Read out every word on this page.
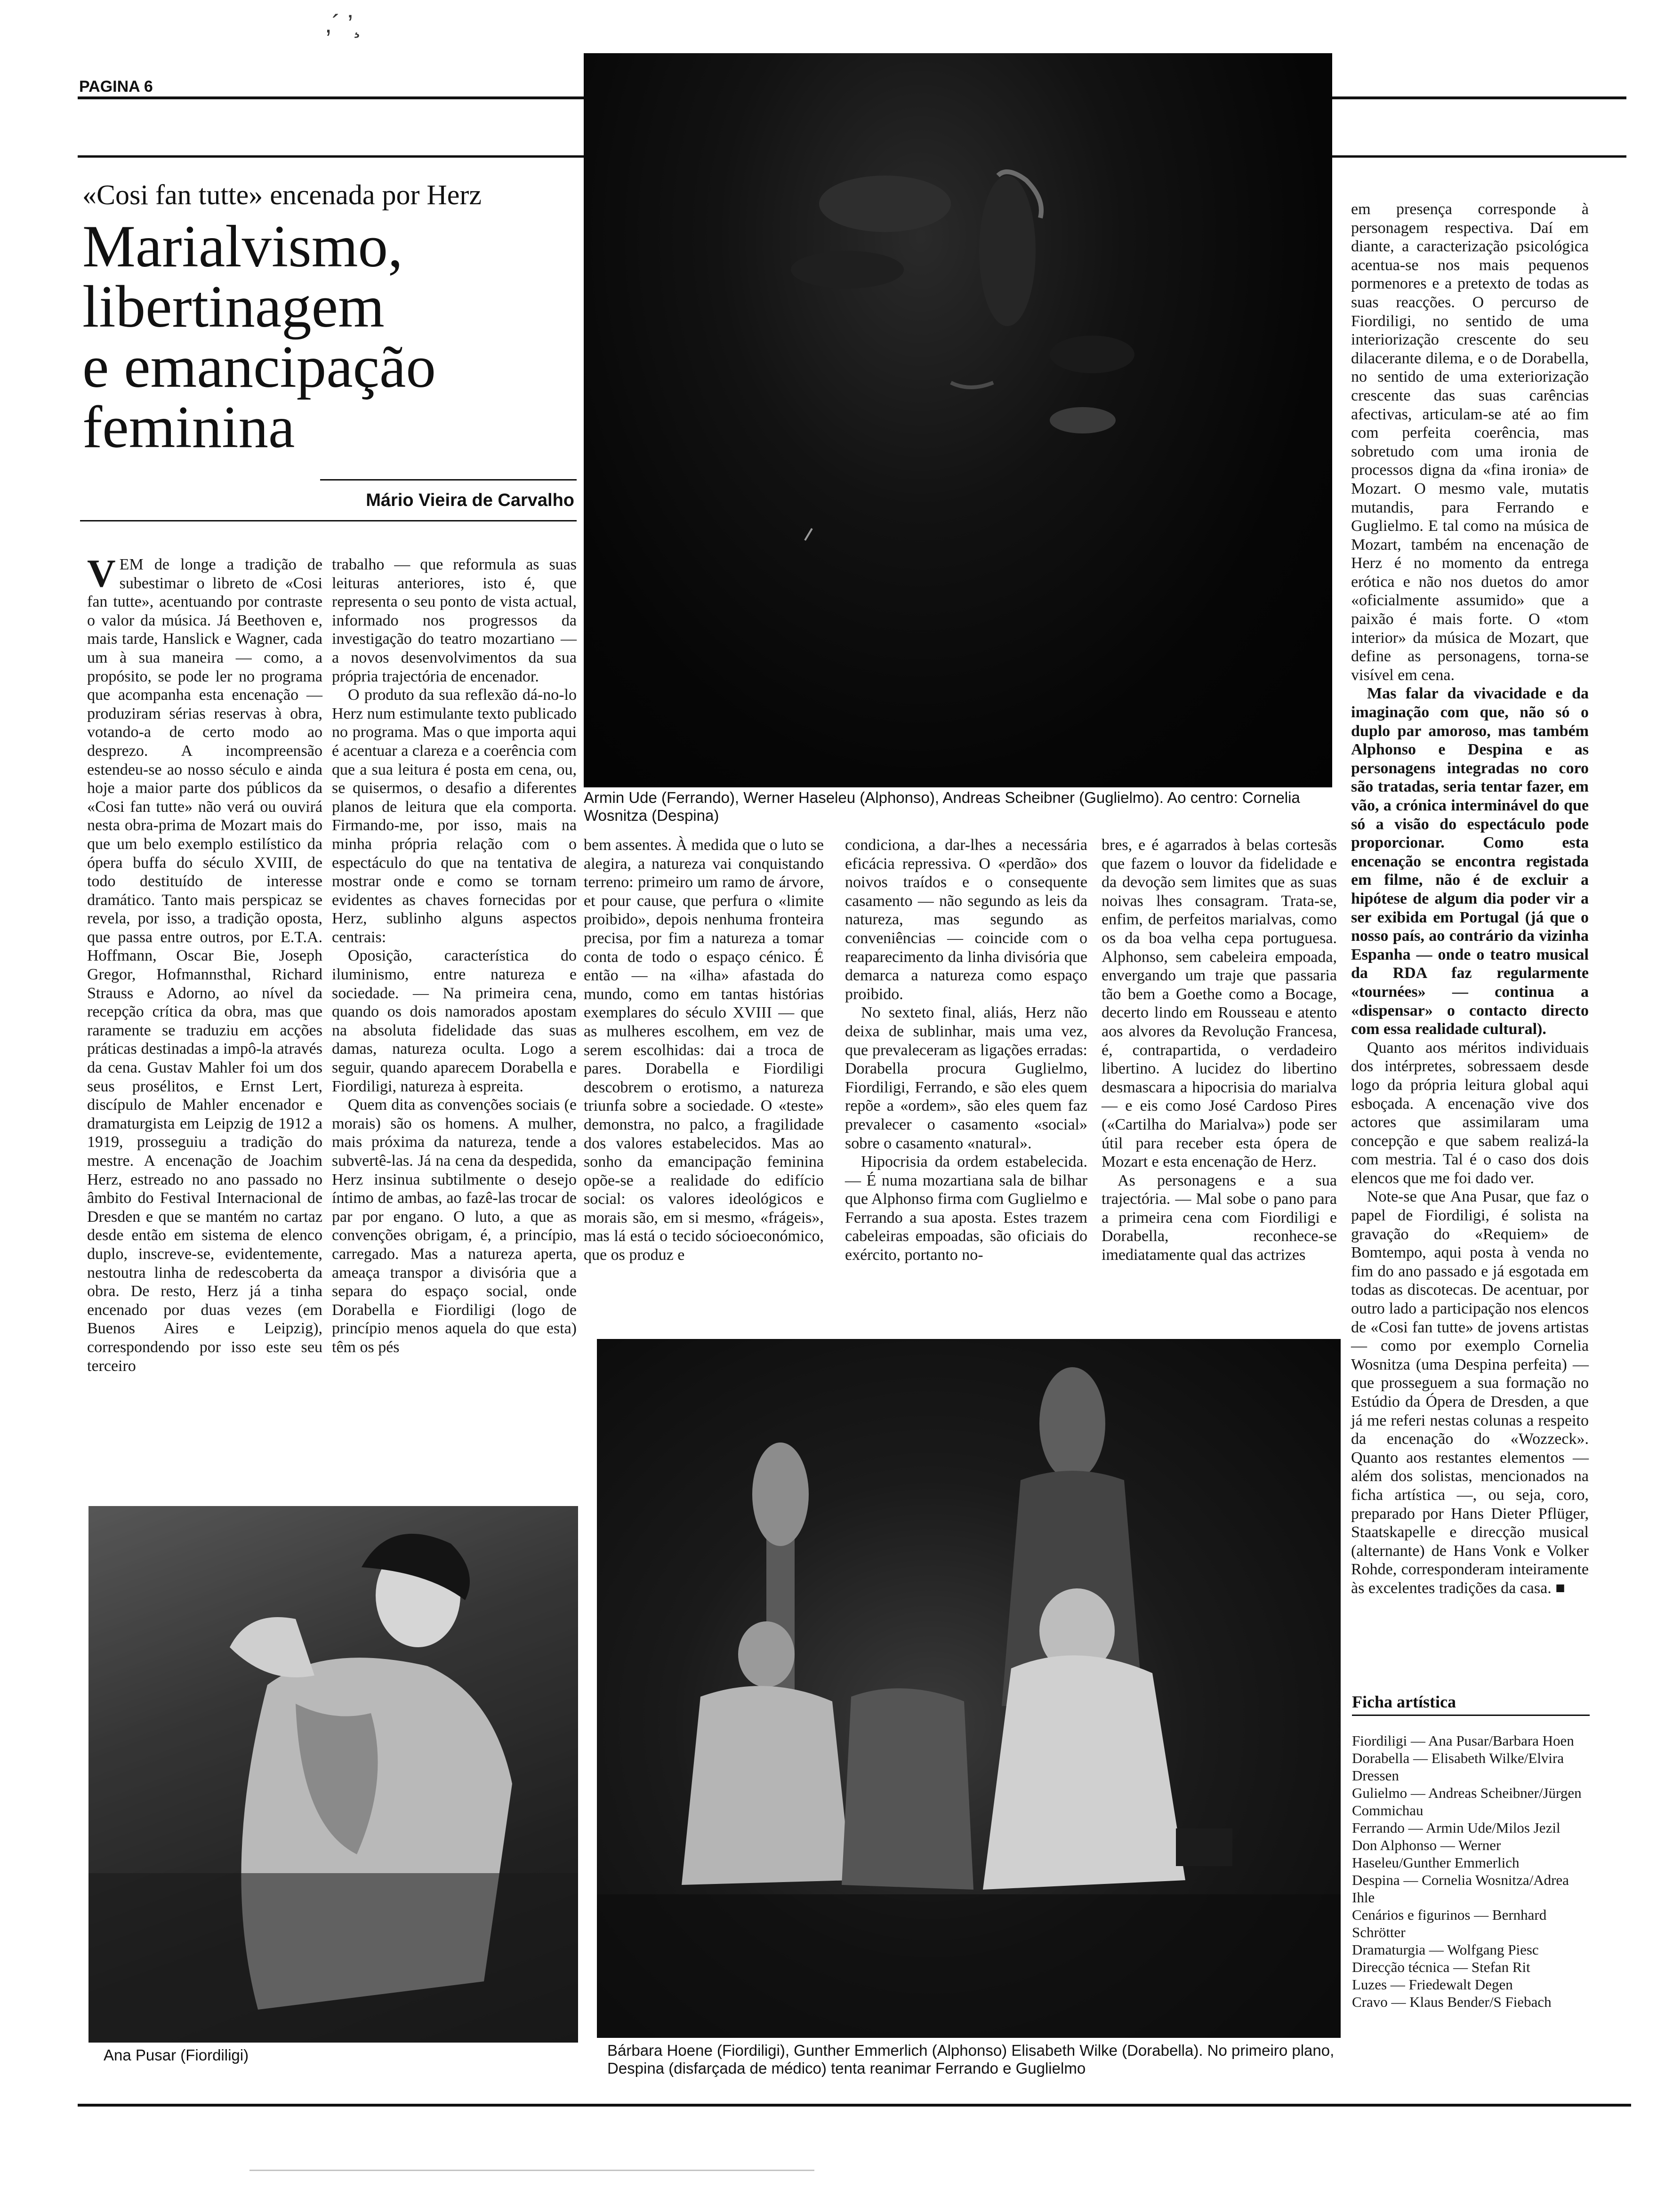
,´ ’¸
PAGINA 6
Armin Ude (Ferrando), Werner Haseleu (Alphonso), Andreas Scheibner (Guglielmo). Ao centro: Cornelia Wosnitza (Despina)
«Cosi fan tutte» encenada por Herz
Marialvismo,
libertinagem
e emancipação
feminina
Mário Vieira de Carvalho

VEM de longe a tradição de subestimar o libreto de «Cosi fan tutte», acentuando por contraste o valor da música. Já Beethoven e, mais tarde, Hanslick e Wagner, cada um à sua maneira — como, a propósito, se pode ler no programa que acompanha esta encenação — produziram sérias reservas à obra, votando-a de certo modo ao desprezo. A incompreensão estendeu-se ao nosso século e ainda hoje a maior parte dos públicos da «Cosi fan tutte» não verá ou ouvirá nesta obra-prima de Mozart mais do que um belo exemplo estilístico da ópera buffa do século XVIII, de todo destituído de interesse dramático. Tanto mais perspicaz se revela, por isso, a tradição oposta, que passa entre outros, por E.T.A. Hoffmann, Oscar Bie, Joseph Gregor, Hofmannsthal, Richard Strauss e Adorno, ao nível da recepção crítica da obra, mas que raramente se traduziu em acções práticas destinadas a impô-la através da cena. Gustav Mahler foi um dos seus prosélitos, e Ernst Lert, discípulo de Mahler encenador e dramaturgista em Leipzig de 1912 a 1919, prosseguiu a tradição do mestre. A encenação de Joachim Herz, estreado no ano passado no âmbito do Festival Internacional de Dresden e que se mantém no cartaz desde então em sistema de elenco duplo, inscreve-se, evidentemente, nestoutra linha de redescoberta da obra. De resto, Herz já a tinha encenado por duas vezes (em Buenos Aires e Leipzig), correspondendo por isso este seu terceiro

trabalho — que reformula as suas leituras anteriores, isto é, que representa o seu ponto de vista actual, informado nos progressos da investigação do teatro mozartiano — a novos desenvolvimentos da sua própria trajectória de encenador.

O produto da sua reflexão dá-no-lo Herz num estimulante texto publicado no programa. Mas o que importa aqui é acentuar a clareza e a coerência com que a sua leitura é posta em cena, ou, se quisermos, o desafio a diferentes planos de leitura que ela comporta. Firmando-me, por isso, mais na minha própria relação com o espectáculo do que na tentativa de mostrar onde e como se tornam evidentes as chaves fornecidas por Herz, sublinho alguns aspectos centrais:

Oposição, característica do iluminismo, entre natureza e sociedade. — Na primeira cena, quando os dois namorados apostam na absoluta fidelidade das suas damas, natureza oculta. Logo a seguir, quando aparecem Dorabella e Fiordiligi, natureza à espreita.

Quem dita as convenções sociais (e morais) são os homens. A mulher, mais próxima da natureza, tende a subvertê-las. Já na cena da despedida, Herz insinua subtilmente o desejo íntimo de ambas, ao fazê-las trocar de par por engano. O luto, a que as convenções obrigam, é, a princípio, carregado. Mas a natureza aperta, ameaça transpor a divisória que a separa do espaço social, onde Dorabella e Fiordiligi (logo de princípio menos aquela do que esta) têm os pés

Ana Pusar (Fiordiligi)

bem assentes. À medida que o luto se alegira, a natureza vai conquistando terreno: primeiro um ramo de árvore, et pour cause, que perfura o «limite proibido», depois nenhuma fronteira precisa, por fim a natureza a tomar conta de todo o espaço cénico. É então — na «ilha» afastada do mundo, como em tantas histórias exemplares do século XVIII — que as mulheres escolhem, em vez de serem escolhidas: dai a troca de pares. Dorabella e Fiordiligi descobrem o erotismo, a natureza triunfa sobre a sociedade. O «teste» demonstra, no palco, a fragilidade dos valores estabelecidos. Mas ao sonho da emancipação feminina opõe-se a realidade do edifício social: os valores ideológicos e morais são, em si mesmo, «frágeis», mas lá está o tecido sócioeconómico, que os produz e

condiciona, a dar-lhes a necessária eficácia repressiva. O «perdão» dos noivos traídos e o consequente casamento — não segundo as leis da natureza, mas segundo as conveniências — coincide com o reaparecimento da linha divisória que demarca a natureza como espaço proibido.

No sexteto final, aliás, Herz não deixa de sublinhar, mais uma vez, que prevaleceram as ligações erradas: Dorabella procura Guglielmo, Fiordiligi, Ferrando, e são eles quem repõe a «ordem», são eles quem faz prevalecer o casamento «social» sobre o casamento «natural».

Hipocrisia da ordem estabelecida. — É numa mozartiana sala de bilhar que Alphonso firma com Guglielmo e Ferrando a sua aposta. Estes trazem cabeleiras empoadas, são oficiais do exército, portanto no-

bres, e é agarrados à belas cortesãs que fazem o louvor da fidelidade e da devoção sem limites que as suas noivas lhes consagram. Trata-se, enfim, de perfeitos marialvas, como os da boa velha cepa portuguesa. Alphonso, sem cabeleira empoada, envergando um traje que passaria tão bem a Goethe como a Bocage, decerto lindo em Rousseau e atento aos alvores da Revolução Francesa, é, contrapartida, o verdadeiro libertino. A lucidez do libertino desmascara a hipocrisia do marialva — e eis como José Cardoso Pires («Cartilha do Marialva») pode ser útil para receber esta ópera de Mozart e esta encenação de Herz.

As personagens e a sua trajectória. — Mal sobe o pano para a primeira cena com Fiordiligi e Dorabella, reconhece-se imediatamente qual das actrizes

Bárbara Hoene (Fiordiligi), Gunther Emmerlich (Alphonso) Elisabeth Wilke (Dorabella). No primeiro plano, Despina (disfarçada de médico) tenta reanimar Ferrando e Guglielmo

em presença corresponde à personagem respectiva. Daí em diante, a caracterização psicológica acentua-se nos mais pequenos pormenores e a pretexto de todas as suas reacções. O percurso de Fiordiligi, no sentido de uma interiorização crescente do seu dilacerante dilema, e o de Dorabella, no sentido de uma exteriorização crescente das suas carências afectivas, articulam-se até ao fim com perfeita coerência, mas sobretudo com uma ironia de processos digna da «fina ironia» de Mozart. O mesmo vale, mutatis mutandis, para Ferrando e Guglielmo. E tal como na música de Mozart, também na encenação de Herz é no momento da entrega erótica e não nos duetos do amor «oficialmente assumido» que a paixão é mais forte. O «tom interior» da música de Mozart, que define as personagens, torna-se visível em cena.

Mas falar da vivacidade e da imaginação com que, não só o duplo par amoroso, mas também Alphonso e Despina e as personagens integradas no coro são tratadas, seria tentar fazer, em vão, a crónica interminável do que só a visão do espectáculo pode proporcionar. Como esta encenação se encontra registada em filme, não é de excluir a hipótese de algum dia poder vir a ser exibida em Portugal (já que o nosso país, ao contrário da vizinha Espanha — onde o teatro musical da RDA faz regularmente «tournées» — continua a «dispensar» o contacto directo com essa realidade cultural).

Quanto aos méritos individuais dos intérpretes, sobressaem desde logo da própria leitura global aqui esboçada. A encenação vive dos actores que assimilaram uma concepção e que sabem realizá-la com mestria. Tal é o caso dos dois elencos que me foi dado ver.

Note-se que Ana Pusar, que faz o papel de Fiordiligi, é solista na gravação do «Requiem» de Bomtempo, aqui posta à venda no fim do ano passado e já esgotada em todas as discotecas. De acentuar, por outro lado a participação nos elencos de «Cosi fan tutte» de jovens artistas — como por exemplo Cornelia Wosnitza (uma Despina perfeita) — que prosseguem a sua formação no Estúdio da Ópera de Dresden, a que já me referi nestas colunas a respeito da encenação do «Wozzeck». Quanto aos restantes elementos — além dos solistas, mencionados na ficha artística —, ou seja, coro, preparado por Hans Dieter Pflüger, Staatskapelle e direcção musical (alternante) de Hans Vonk e Volker Rohde, corresponderam inteiramente às excelentes tradições da casa. ■

Ficha artística
Fiordiligi — Ana Pusar/Barbara Hoen
Dorabella — Elisabeth Wilke/Elvira Dressen
Gulielmo — Andreas Scheibner/Jürgen Commichau
Ferrando — Armin Ude/Milos Jezil
Don Alphonso — Werner Haseleu/Gunther Emmerlich
Despina — Cornelia Wosnitza/Adrea Ihle
Cenários e figurinos — Bernhard Schrötter
Dramaturgia — Wolfgang Piesc
Direcção técnica — Stefan Rit
Luzes — Friedewalt Degen
Cravo — Klaus Bender/S Fiebach
